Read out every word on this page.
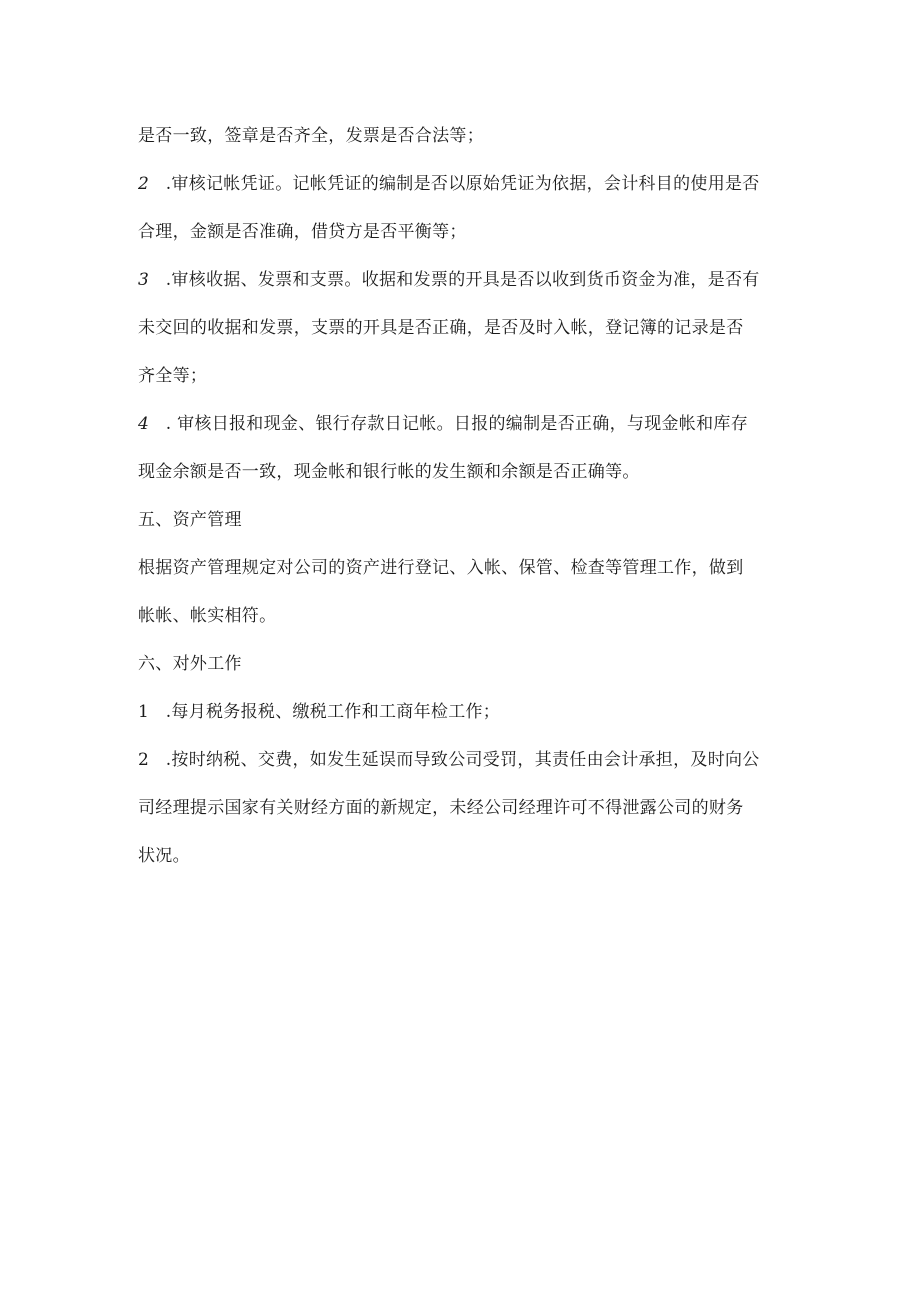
是否一致，签章是否齐全，发票是否合法等；
2 .审核记帐凭证。记帐凭证的编制是否以原始凭证为依据，会计科目的使用是否
合理，金额是否准确，借贷方是否平衡等；
3 .审核收据、发票和支票。收据和发票的开具是否以收到货币资金为准，是否有
未交回的收据和发票，支票的开具是否正确，是否及时入帐，登记簿的记录是否
齐全等；
4 . 审核日报和现金、银行存款日记帐。日报的编制是否正确，与现金帐和库存
现金余额是否一致，现金帐和银行帐的发生额和余额是否正确等。
五、资产管理
根据资产管理规定对公司的资产进行登记、入帐、保管、检查等管理工作，做到
帐帐、帐实相符。
六、对外工作
1 .每月税务报税、缴税工作和工商年检工作；
2 .按时纳税、交费，如发生延误而导致公司受罚，其责任由会计承担，及时向公
司经理提示国家有关财经方面的新规定，未经公司经理许可不得泄露公司的财务
状况。
